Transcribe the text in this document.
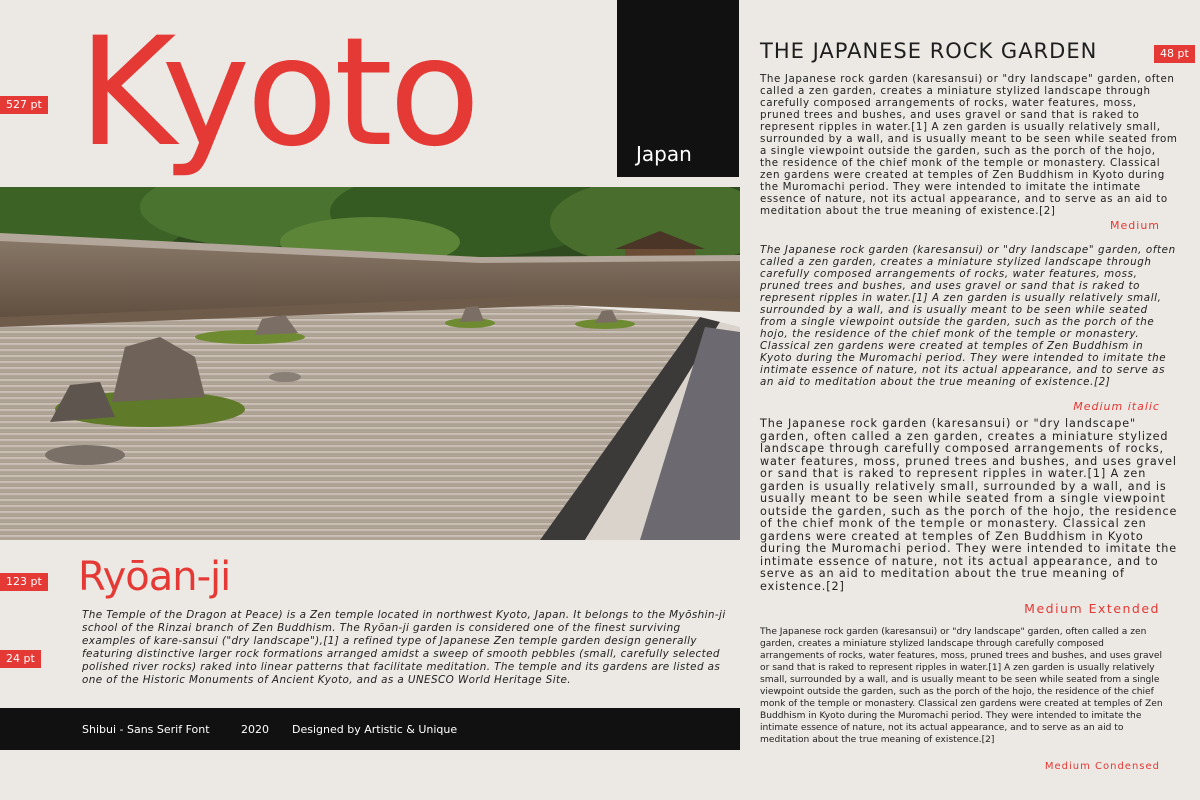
527 pt
123 pt
24 pt
48 pt
Kyoto	Japan
Ryōan-ji

The Temple of the Dragon at Peace) is a Zen temple located in northwest Kyoto, Japan. It belongs to the Myōshin-ji school of the Rinzai branch of Zen Buddhism. The Ryōan-ji garden is considered one of the finest surviving examples of kare-sansui ("dry landscape"),[1] a refined type of Japanese Zen temple garden design generally featuring distinctive larger rock formations arranged amidst a sweep of smooth pebbles (small, carefully selected polished river rocks) raked into linear patterns that facilitate meditation. The temple and its gardens are listed as one of the Historic Monuments of Ancient Kyoto, and as a UNESCO World Heritage Site.

Shibui - Sans Serif Font	2020 Designed by Artistic & Unique
THE JAPANESE ROCK GARDEN

The Japanese rock garden (karesansui) or "dry landscape" garden, often called a zen garden, creates a miniature stylized landscape through carefully composed arrangements of rocks, water features, moss, pruned trees and bushes, and uses gravel or sand that is raked to represent ripples in water.[1] A zen garden is usually relatively small, surrounded by a wall, and is usually meant to be seen while seated from a single viewpoint outside the garden, such as the porch of the hojo, the residence of the chief monk of the temple or monastery. Classical zen gardens were created at temples of Zen Buddhism in Kyoto during the Muromachi period. They were intended to imitate the intimate essence of nature, not its actual appearance, and to serve as an aid to meditation about the true meaning of existence.[2]

Medium

The Japanese rock garden (karesansui) or "dry landscape" garden, often called a zen garden, creates a miniature stylized landscape through carefully composed arrangements of rocks, water features, moss, pruned trees and bushes, and uses gravel or sand that is raked to represent ripples in water.[1] A zen garden is usually relatively small, surrounded by a wall, and is usually meant to be seen while seated from a single viewpoint outside the garden, such as the porch of the hojo, the residence of the chief monk of the temple or monastery. Classical zen gardens were created at temples of Zen Buddhism in Kyoto during the Muromachi period. They were intended to imitate the intimate essence of nature, not its actual appearance, and to serve as an aid to meditation about the true meaning of existence.[2]

Medium italic

The Japanese rock garden (karesansui) or "dry landscape" garden, often called a zen garden, creates a miniature stylized landscape through carefully composed arrangements of rocks, water features, moss, pruned trees and bushes, and uses gravel or sand that is raked to represent ripples in water.[1] A zen garden is usually relatively small, surrounded by a wall, and is usually meant to be seen while seated from a single viewpoint outside the garden, such as the porch of the hojo, the residence of the chief monk of the temple or monastery. Classical zen gardens were created at temples of Zen Buddhism in Kyoto during the Muromachi period. They were intended to imitate the intimate essence of nature, not its actual appearance, and to serve as an aid to meditation about the true meaning of existence.[2]

Medium Extended

The Japanese rock garden (karesansui) or "dry landscape" garden, often called a zen garden, creates a miniature stylized landscape through carefully composed arrangements of rocks, water features, moss, pruned trees and bushes, and uses gravel or sand that is raked to represent ripples in water.[1] A zen garden is usually relatively small, surrounded by a wall, and is usually meant to be seen while seated from a single viewpoint outside the garden, such as the porch of the hojo, the residence of the chief monk of the temple or monastery. Classical zen gardens were created at temples of Zen Buddhism in Kyoto during the Muromachi period. They were intended to imitate the intimate essence of nature, not its actual appearance, and to serve as an aid to meditation about the true meaning of existence.[2]

Medium Condensed
